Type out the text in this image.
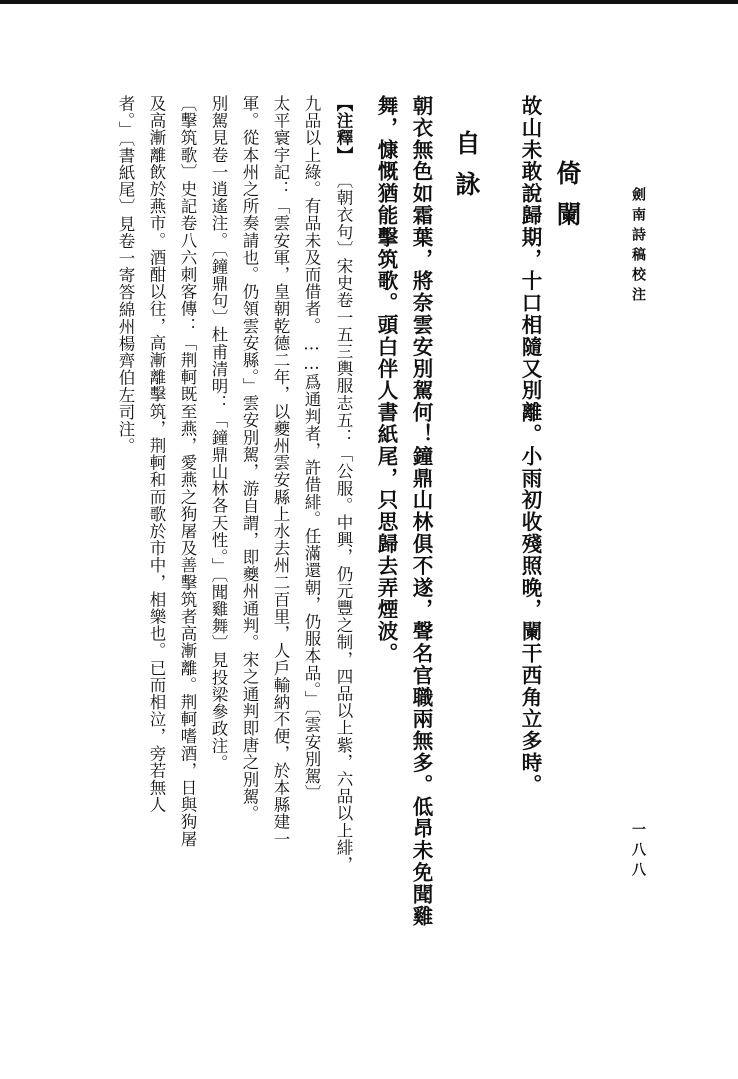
劍南詩稿校注
一八八
倚闌
故山未敢說歸期，十口相隨又別離。小雨初收殘照晚，闌干西角立多時。
自詠
朝衣無色如霜葉，將奈雲安別駕何！鐘鼎山林俱不遂，聲名官職兩無多。低昂未免聞雞
舞，慷慨猶能擊筑歌。頭白伴人書紙尾，只思歸去弄煙波。
【注釋】
〔朝衣句〕宋史卷一五三輿服志五：「公服。中興，仍元豐之制，四品以上紫，六品以上緋，
九品以上綠。有品未及而借者。……爲通判者，許借緋。任滿還朝，仍服本品。」〔雲安別駕〕
太平寰宇記：「雲安軍，皇朝乾德二年，以夔州雲安縣上水去州二百里，人戶輸納不便，於本縣建一
軍。從本州之所奏請也。仍領雲安縣。」雲安別駕，游自謂，即夔州通判。宋之通判即唐之別駕。
別駕見卷一逍遙注。〔鐘鼎句〕杜甫清明：「鐘鼎山林各天性。」〔聞雞舞〕見投梁參政注。
〔擊筑歌〕史記卷八六刺客傳：「荆軻既至燕，愛燕之狗屠及善擊筑者高漸離。荆軻嗜酒，日與狗屠
及高漸離飲於燕市。酒酣以往，高漸離擊筑，荆軻和而歌於市中，相樂也。已而相泣，旁若無人
者。」〔書紙尾〕見卷一寄答綿州楊齊伯左司注。
